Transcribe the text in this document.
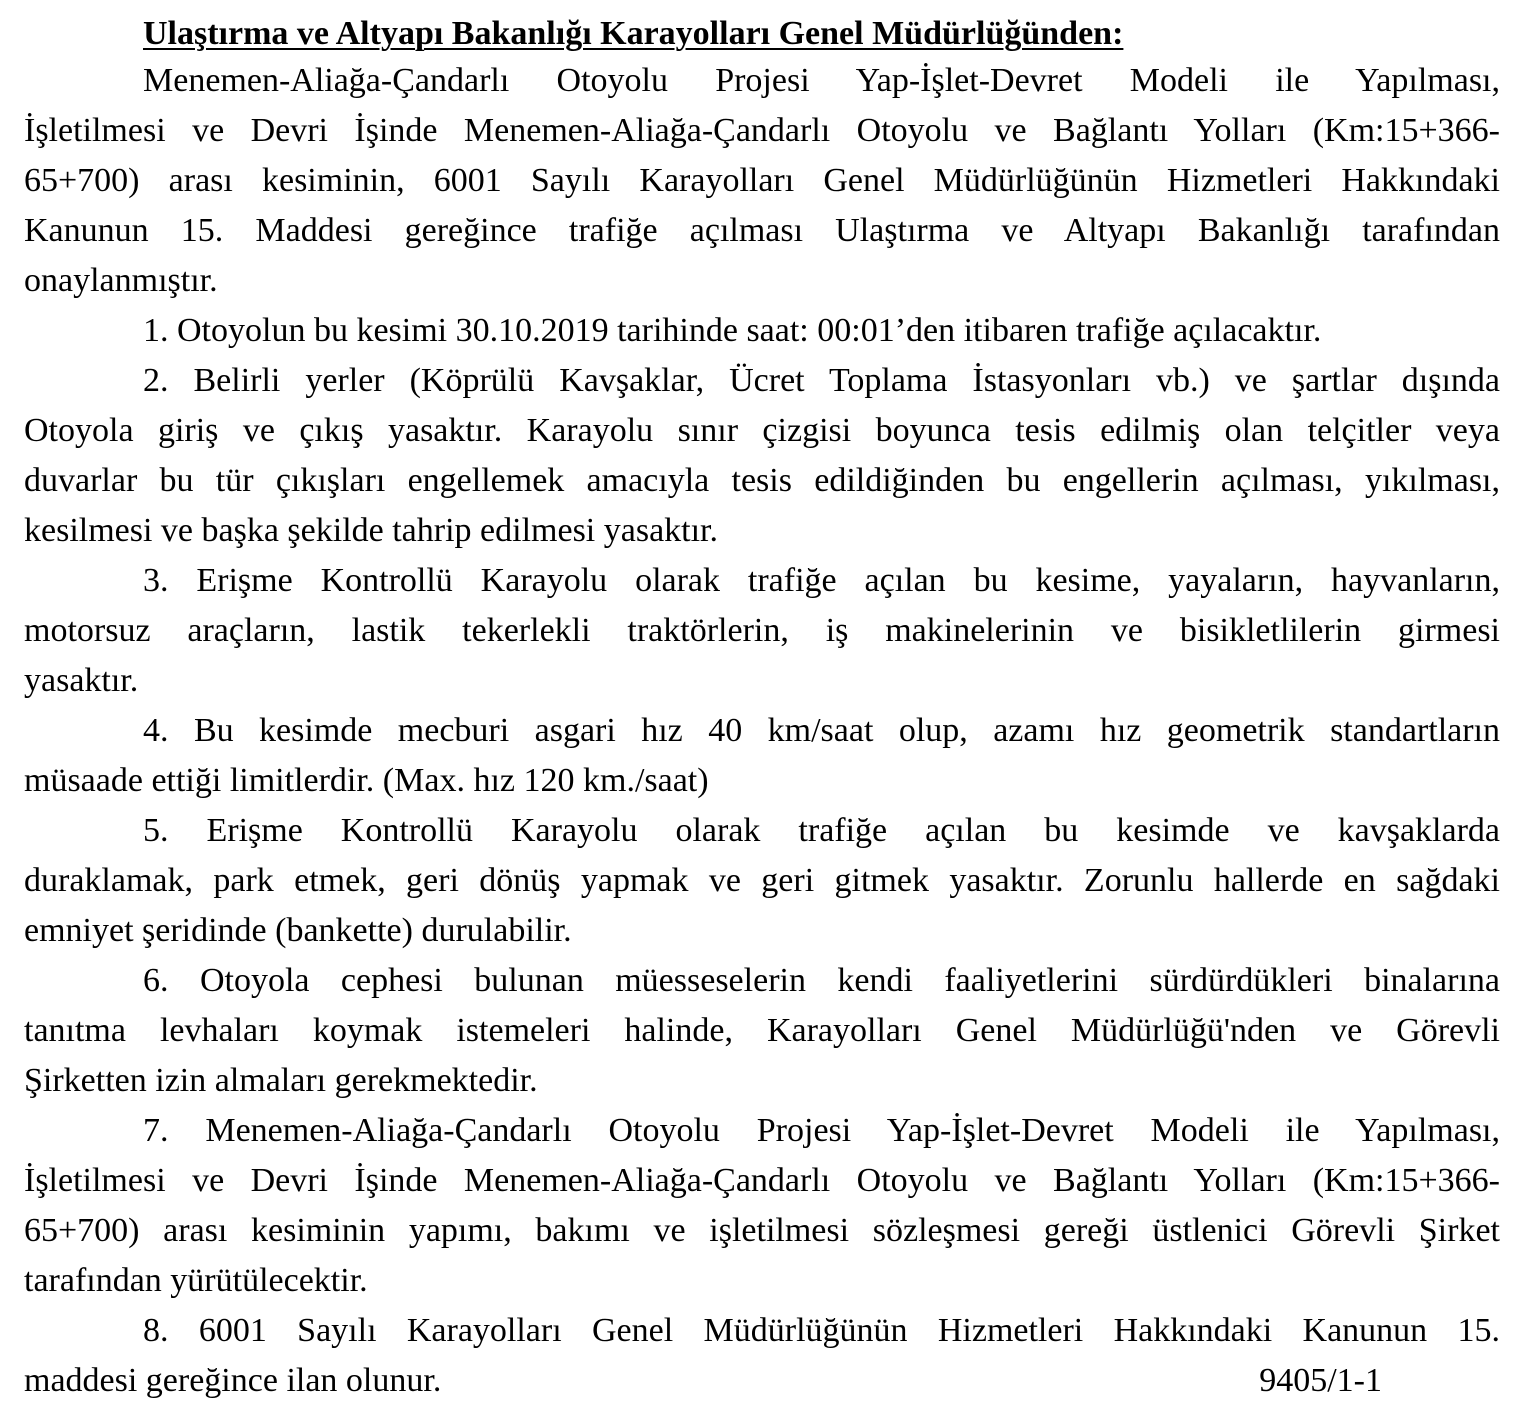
Ulaştırma ve Altyapı Bakanlığı Karayolları Genel Müdürlüğünden:
Menemen-Aliağa-Çandarlı Otoyolu Projesi Yap-İşlet-Devret Modeli ile Yapılması,
İşletilmesi ve Devri İşinde Menemen-Aliağa-Çandarlı Otoyolu ve Bağlantı Yolları (Km:15+366-
65+700) arası kesiminin, 6001 Sayılı Karayolları Genel Müdürlüğünün Hizmetleri Hakkındaki
Kanunun 15. Maddesi gereğince trafiğe açılması Ulaştırma ve Altyapı Bakanlığı tarafından
onaylanmıştır.
1. Otoyolun bu kesimi 30.10.2019 tarihinde saat: 00:01’den itibaren trafiğe açılacaktır.
2. Belirli yerler (Köprülü Kavşaklar, Ücret Toplama İstasyonları vb.) ve şartlar dışında
Otoyola giriş ve çıkış yasaktır. Karayolu sınır çizgisi boyunca tesis edilmiş olan telçitler veya
duvarlar bu tür çıkışları engellemek amacıyla tesis edildiğinden bu engellerin açılması, yıkılması,
kesilmesi ve başka şekilde tahrip edilmesi yasaktır.
3. Erişme Kontrollü Karayolu olarak trafiğe açılan bu kesime, yayaların, hayvanların,
motorsuz araçların, lastik tekerlekli traktörlerin, iş makinelerinin ve bisikletlilerin girmesi
yasaktır.
4. Bu kesimde mecburi asgari hız 40 km/saat olup, azamı hız geometrik standartların
müsaade ettiği limitlerdir. (Max. hız 120 km./saat)
5. Erişme Kontrollü Karayolu olarak trafiğe açılan bu kesimde ve kavşaklarda
duraklamak, park etmek, geri dönüş yapmak ve geri gitmek yasaktır. Zorunlu hallerde en sağdaki
emniyet şeridinde (bankette) durulabilir.
6. Otoyola cephesi bulunan müesseselerin kendi faaliyetlerini sürdürdükleri binalarına
tanıtma levhaları koymak istemeleri halinde, Karayolları Genel Müdürlüğü'nden ve Görevli
Şirketten izin almaları gerekmektedir.
7. Menemen-Aliağa-Çandarlı Otoyolu Projesi Yap-İşlet-Devret Modeli ile Yapılması,
İşletilmesi ve Devri İşinde Menemen-Aliağa-Çandarlı Otoyolu ve Bağlantı Yolları (Km:15+366-
65+700) arası kesiminin yapımı, bakımı ve işletilmesi sözleşmesi gereği üstlenici Görevli Şirket
tarafından yürütülecektir.
8. 6001 Sayılı Karayolları Genel Müdürlüğünün Hizmetleri Hakkındaki Kanunun 15.
maddesi gereğince ilan olunur.	9405/1-1
